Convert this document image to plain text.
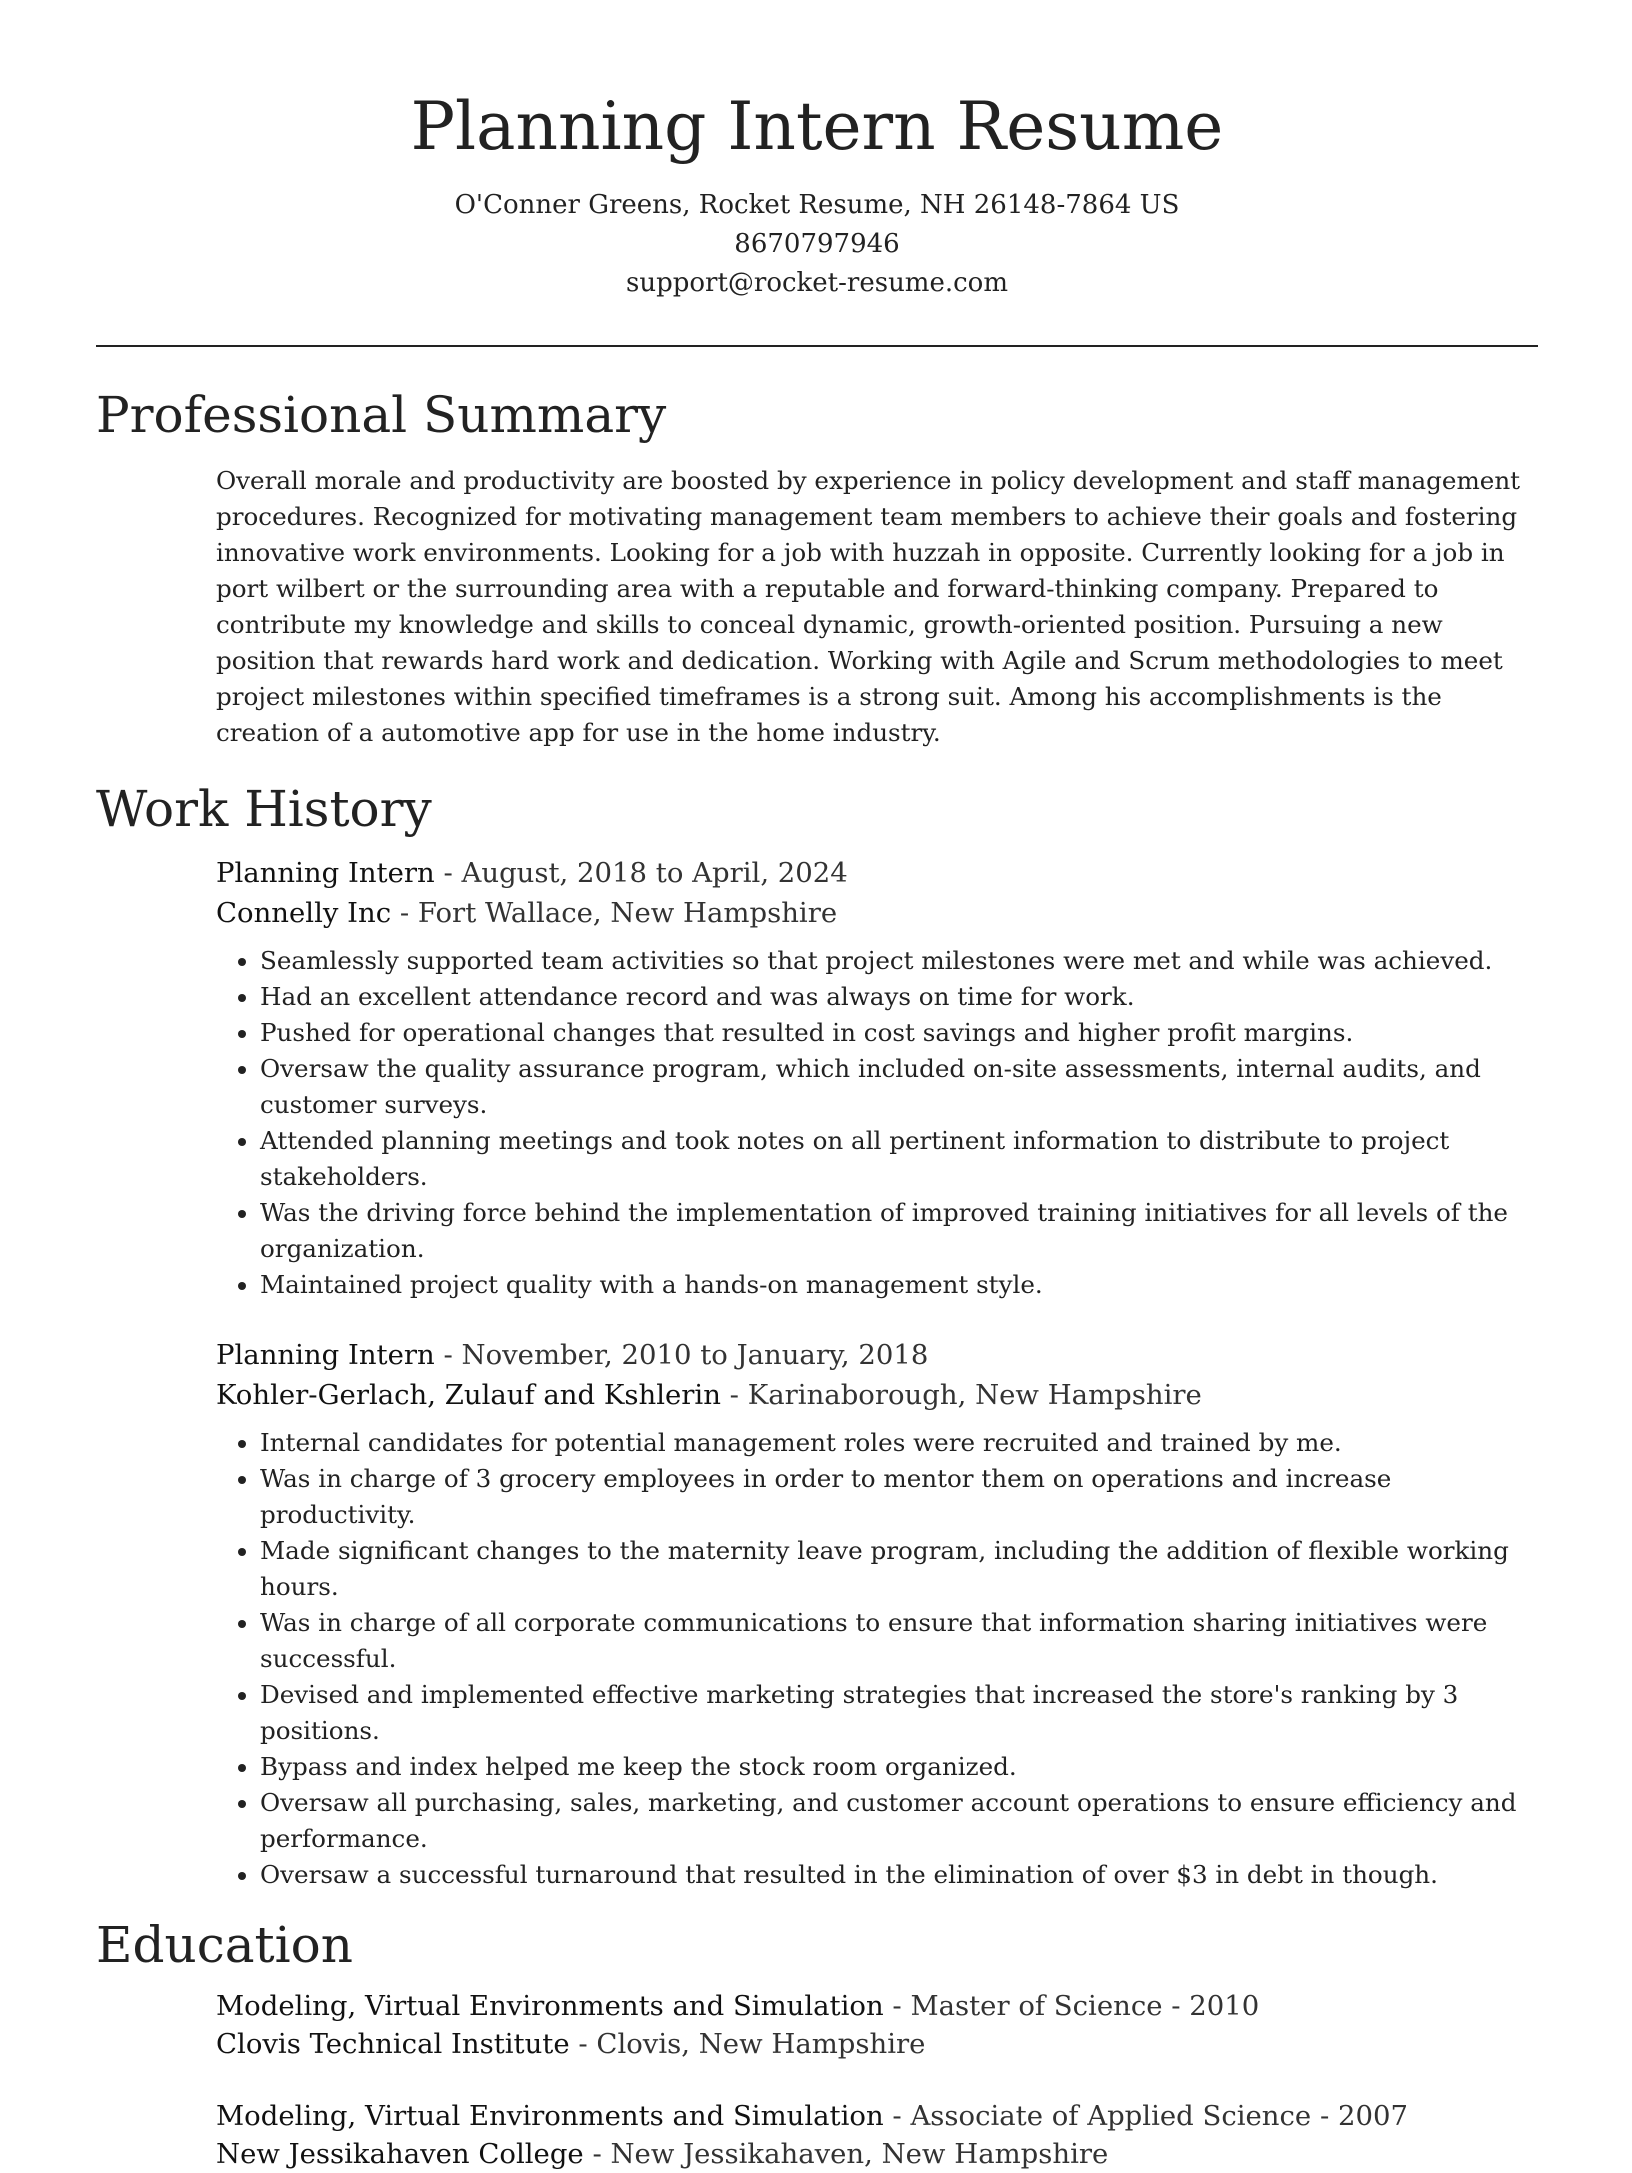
Planning Intern Resume
O'Conner Greens, Rocket Resume, NH 26148-7864 US
8670797946
support@rocket-resume.com
Professional Summary

Overall morale and productivity are boosted by experience in policy development and staff management procedures. Recognized for motivating management team members to achieve their goals and fostering innovative work environments. Looking for a job with huzzah in opposite. Currently looking for a job in port wilbert or the surrounding area with a reputable and forward-thinking company. Prepared to contribute my knowledge and skills to conceal dynamic, growth-oriented position. Pursuing a new position that rewards hard work and dedication. Working with Agile and Scrum methodologies to meet project milestones within specified timeframes is a strong suit. Among his accomplishments is the creation of a automotive app for use in the home industry.

Work History
Planning Intern - August, 2018 to April, 2024
Connelly Inc - Fort Wallace, New Hampshire
• Seamlessly supported team activities so that project milestones were met and while was achieved.
• Had an excellent attendance record and was always on time for work.
• Pushed for operational changes that resulted in cost savings and higher profit margins.
• Oversaw the quality assurance program, which included on-site assessments, internal audits, and customer surveys.
• Attended planning meetings and took notes on all pertinent information to distribute to project stakeholders.
• Was the driving force behind the implementation of improved training initiatives for all levels of the organization.
• Maintained project quality with a hands-on management style.
Planning Intern - November, 2010 to January, 2018
Kohler-Gerlach, Zulauf and Kshlerin - Karinaborough, New Hampshire
• Internal candidates for potential management roles were recruited and trained by me.
• Was in charge of 3 grocery employees in order to mentor them on operations and increase productivity.
• Made significant changes to the maternity leave program, including the addition of flexible working hours.
• Was in charge of all corporate communications to ensure that information sharing initiatives were successful.
• Devised and implemented effective marketing strategies that increased the store's ranking by 3 positions.
• Bypass and index helped me keep the stock room organized.
• Oversaw all purchasing, sales, marketing, and customer account operations to ensure efficiency and performance.
• Oversaw a successful turnaround that resulted in the elimination of over $3 in debt in though.
Education
Modeling, Virtual Environments and Simulation - Master of Science - 2010
Clovis Technical Institute - Clovis, New Hampshire
Modeling, Virtual Environments and Simulation - Associate of Applied Science - 2007
New Jessikahaven College - New Jessikahaven, New Hampshire
